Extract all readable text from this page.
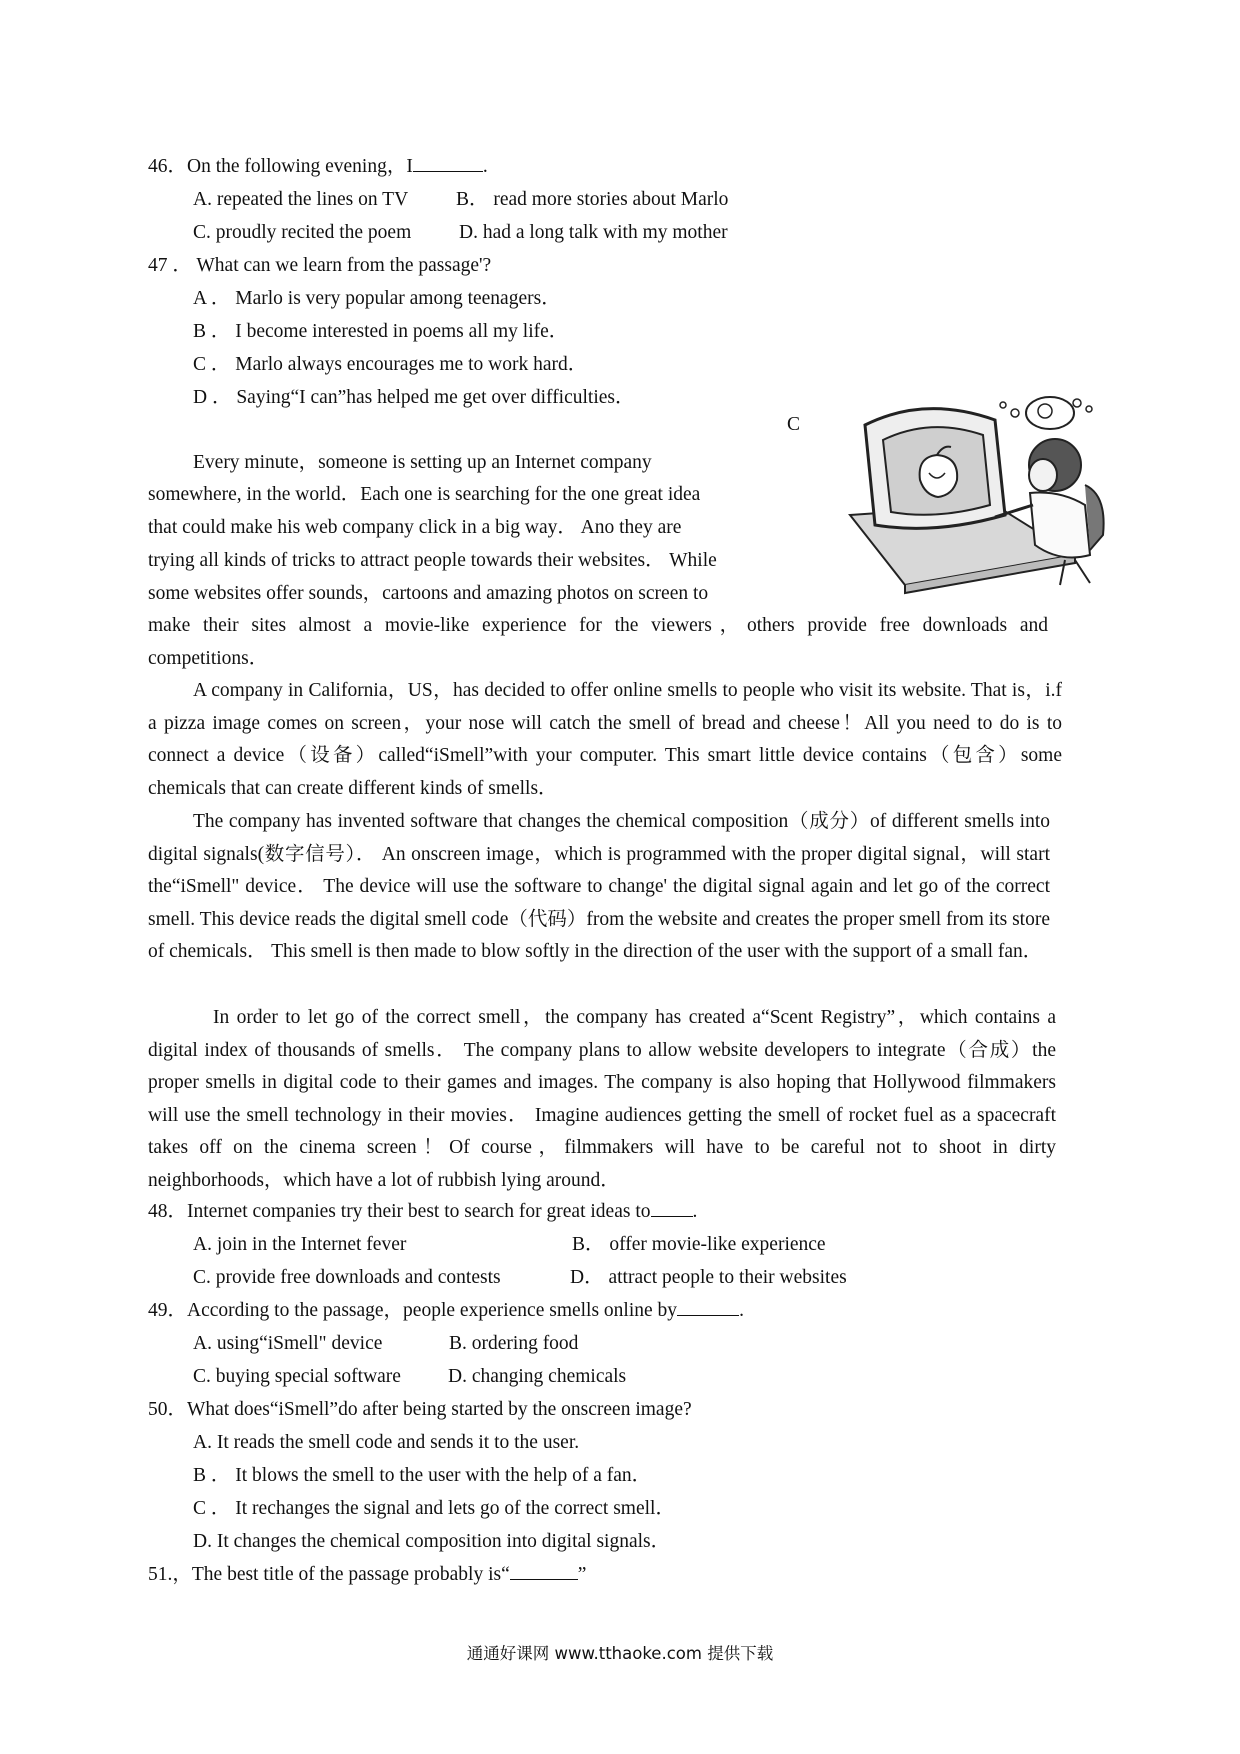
46．On the following evening，I	.
A. repeated the lines on TV B． read more stories about Marlo
C. proudly recited the poem D. had a long talk with my mother
47 ． What can we learn from the passage'?
A ． Marlo is very popular among teenagers．
B ． I become interested in poems all my life．
C ． Marlo always encourages me to work hard．
D ． Saying“I can”has helped me get over difficulties．
C
Every minute，someone is setting up an Internet company
somewhere, in the world．Each one is searching for the one great idea
that could make his web company click in a big way． Ano they are
trying all kinds of tricks to attract people towards their websites． While
some websites offer sounds，cartoons and amazing photos on screen to
make their sites almost a movie-like experience for the viewers，others provide free downloads and competitions．
A company in California，US，has decided to offer online smells to people who visit its website. That is，i.f a pizza image comes on screen，your nose will catch the smell of bread and cheese！All you need to do is to connect a device（设备）called“iSmell”with your computer. This smart little device contains（包含）some chemicals that can create different kinds of smells．
The company has invented software that changes the chemical composition（成分）of different smells into digital signals(数字信号）． An onscreen image，which is programmed with the proper digital signal，will start the“iSmell" device． The device will use the software to change' the digital signal again and let go of the correct smell. This device reads the digital smell code（代码）from the website and creates the proper smell from its store of chemicals． This smell is then made to blow softly in the direction of the user with the support of a small fan．
In order to let go of the correct smell，the company has created a“Scent Registry”，which contains a digital index of thousands of smells． The company plans to allow website developers to integrate（合成）the proper smells in digital code to their games and images. The company is also hoping that Hollywood filmmakers will use the smell technology in their movies． Imagine audiences getting the smell of rocket fuel as a spacecraft takes off on the cinema screen！Of course，filmmakers will have to be careful not to shoot in dirty neighborhoods，which have a lot of rubbish lying around．
48．Internet companies try their best to search for great ideas to .
A. join in the Internet fever	B． offer movie-like experience
C. provide free downloads and contests	D． attract people to their websites
49．According to the passage，people experience smells online by	.
A. using“iSmell" device	B. ordering food
C. buying special software D. changing chemicals
50．What does“iSmell”do after being started by the onscreen image?
A. It reads the smell code and sends it to the user.
B ． It blows the smell to the user with the help of a fan．
C ． It rechanges the signal and lets go of the correct smell．
D. It changes the chemical composition into digital signals．
51.，The best title of the passage probably is“	”
通通好课网 www.tthaoke.com 提供下载
